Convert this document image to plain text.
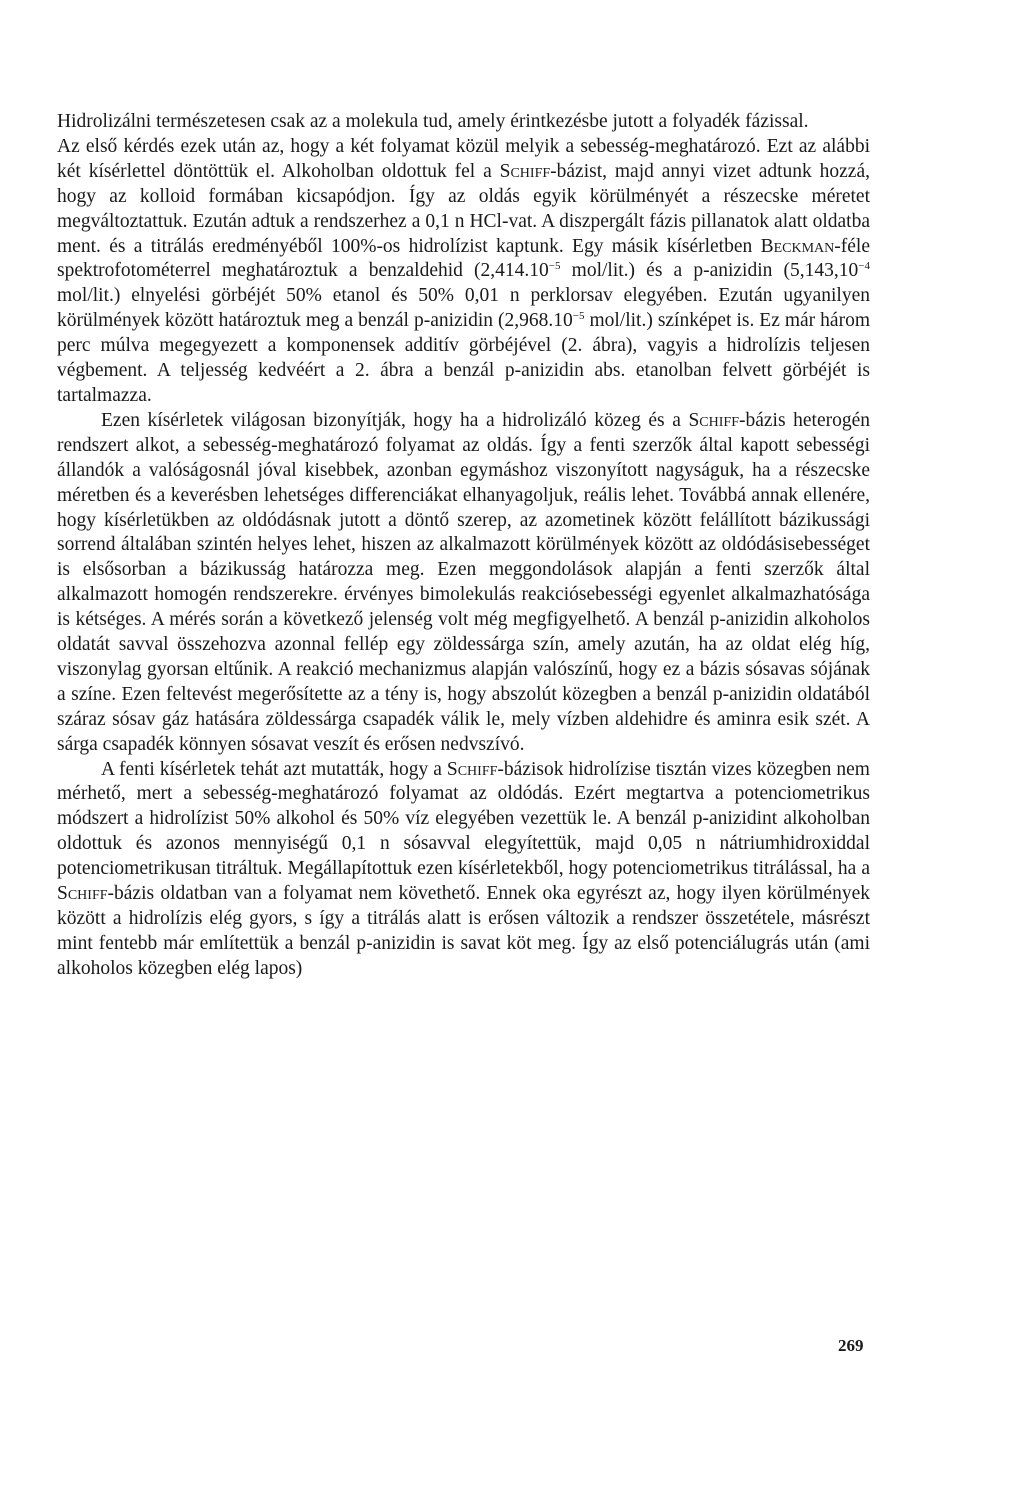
Hidrolizálni természetesen csak az a molekula tud, amely érintkezésbe jutott a folyadék fázissal.

Az első kérdés ezek után az, hogy a két folyamat közül melyik a sebesség-meghatározó. Ezt az alábbi két kísérlettel döntöttük el. Alkoholban oldottuk fel a Schiff-bázist, majd annyi vizet adtunk hozzá, hogy az kolloid formában kicsapódjon. Így az oldás egyik körülményét a részecske méretet megváltoztattuk. Ezután adtuk a rendszerhez a 0,1 n HCl-vat. A diszpergált fázis pillanatok alatt oldatba ment. és a titrálás eredményéből 100%-os hidrolízist kaptunk. Egy másik kísérletben Beckman-féle spektrofotométerrel meghatároztuk a benzaldehid ($2,414.10^{-5}$ mol/lit.) és a p-anizidin ($5,143,10^{-4}$ mol/lit.) elnyelési görbéjét 50% etanol és 50% 0,01 n perklorsav elegyében. Ezután ugyanilyen körülmények között határoztuk meg a benzál p-anizidin ($2,968.10^{-5}$ mol/lit.) színképet is. Ez már három perc múlva megegyezett a komponensek additív görbéjével (2. ábra), vagyis a hidrolízis teljesen végbement. A teljesség kedvéért a 2. ábra a benzál p-anizidin abs. etanolban felvett görbéjét is tartalmazza.

Ezen kísérletek világosan bizonyítják, hogy ha a hidrolizáló közeg és a Schiff-bázis heterogén rendszert alkot, a sebesség-meghatározó folyamat az oldás. Így a fenti szerzők által kapott sebességi állandók a valóságosnál jóval kisebbek, azonban egymáshoz viszonyított nagyságuk, ha a részecske méretben és a keverésben lehetséges differenciákat elhanyagoljuk, reális lehet. Továbbá annak ellenére, hogy kísérletükben az oldódásnak jutott a döntő szerep, az azometinek között felállított bázikussági sorrend általában szintén helyes lehet, hiszen az alkalmazott körülmények között az oldódásisebességet is elsősorban a bázikusság határozza meg. Ezen meggondolások alapján a fenti szerzők által alkalmazott homogén rendszerekre. érvényes bimolekulás reakciósebességi egyenlet alkalmazhatósága is kétséges. A mérés során a következő jelenség volt még megfigyelhető. A benzál p-anizidin alkoholos oldatát savval összehozva azonnal fellép egy zöldessárga szín, amely azután, ha az oldat elég híg, viszonylag gyorsan eltűnik. A reakció mechanizmus alapján valószínű, hogy ez a bázis sósavas sójának a színe. Ezen feltevést megerősítette az a tény is, hogy abszolút közegben a benzál p-anizidin oldatából száraz sósav gáz hatására zöldessárga csapadék válik le, mely vízben aldehidre és aminra esik szét. A sárga csapadék könnyen sósavat veszít és erősen nedvszívó.

A fenti kísérletek tehát azt mutatták, hogy a Schiff-bázisok hidrolízise tisztán vizes közegben nem mérhető, mert a sebesség-meghatározó folyamat az oldódás. Ezért megtartva a potenciometrikus módszert a hidrolízist 50% alkohol és 50% víz elegyében vezettük le. A benzál p-anizidint alkoholban oldottuk és azonos mennyiségű 0,1 n sósavval elegyítettük, majd 0,05 n nátriumhidroxiddal potenciometrikusan titráltuk. Megállapítottuk ezen kísérletekből, hogy potenciometrikus titrálással, ha a Schiff-bázis oldatban van a folyamat nem követhető. Ennek oka egyrészt az, hogy ilyen körülmények között a hidrolízis elég gyors, s így a titrálás alatt is erősen változik a rendszer összetétele, másrészt mint fentebb már említettük a benzál p-anizidin is savat köt meg. Így az első potenciálugrás után (ami alkoholos közegben elég lapos)

269
